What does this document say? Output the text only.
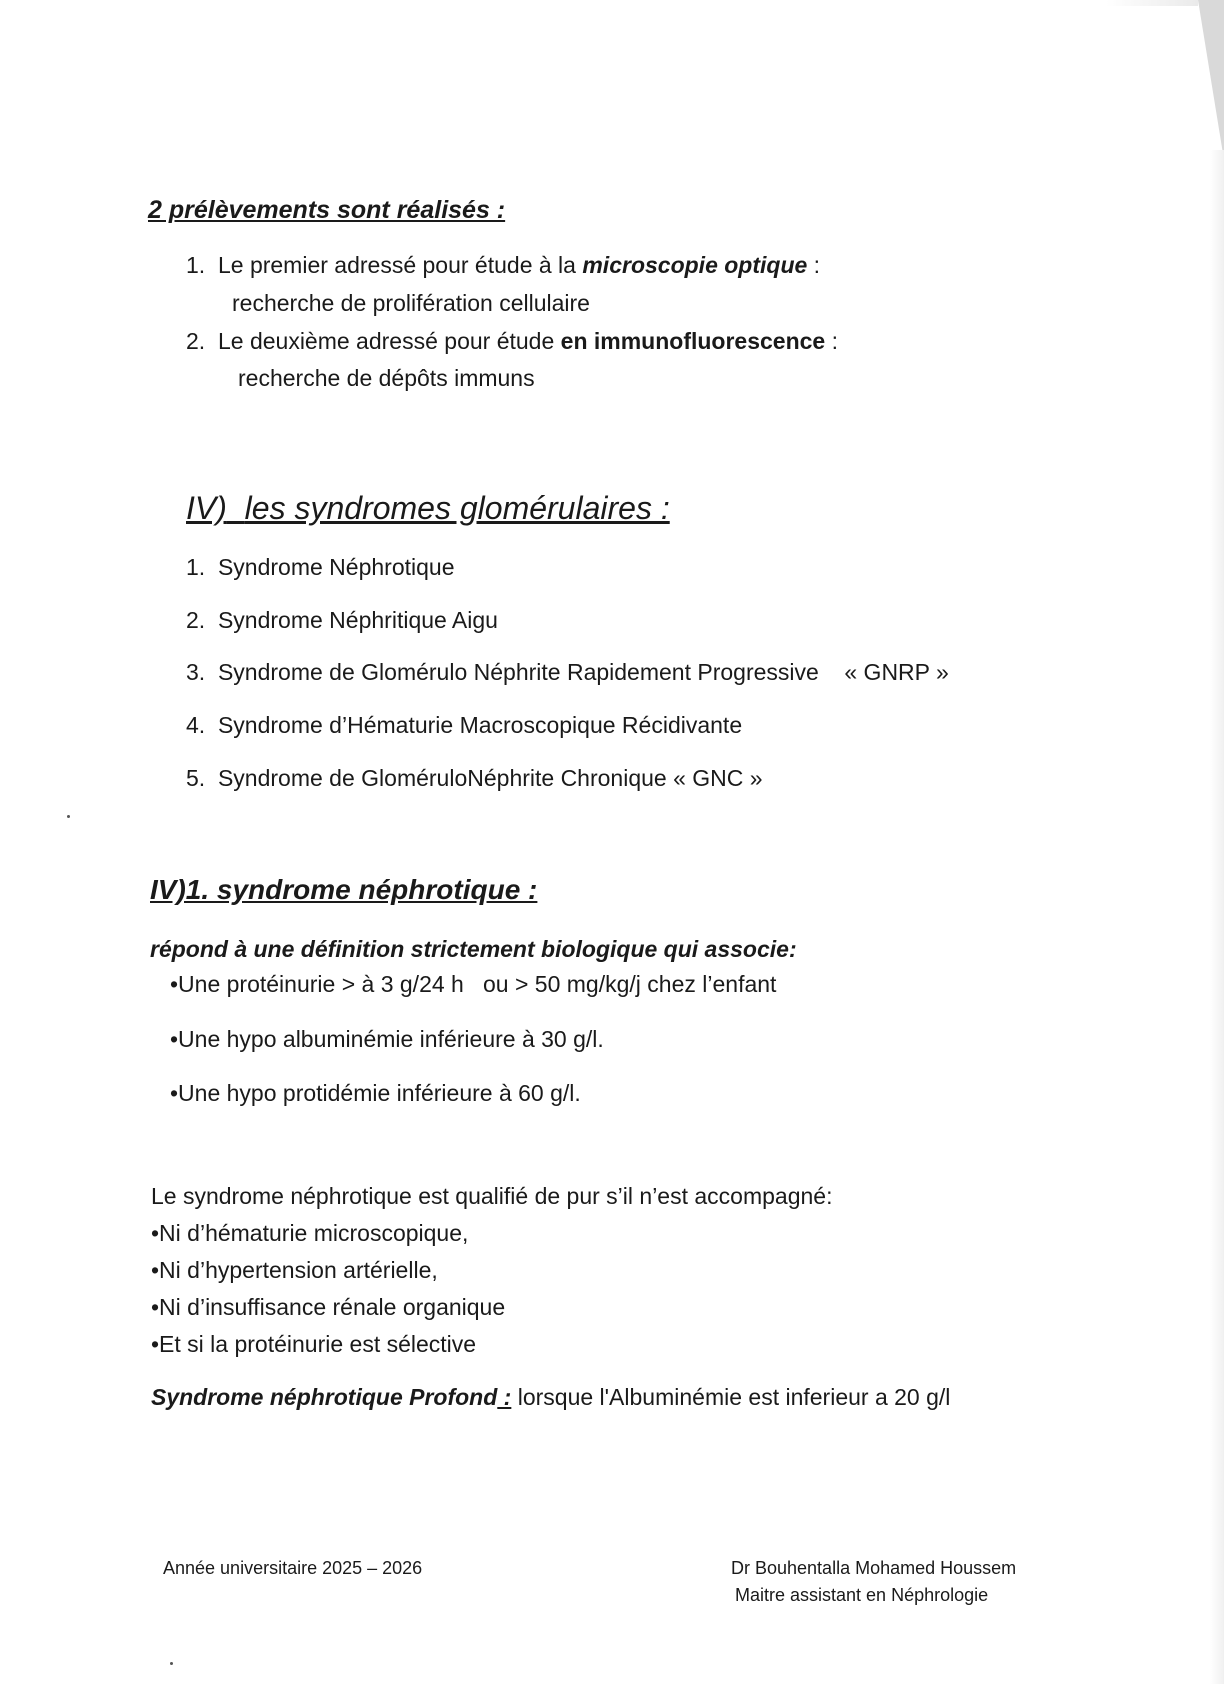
2 prélèvements sont réalisés :
1. Le premier adressé pour étude à la microscopie optique :
recherche de prolifération cellulaire
2. Le deuxième adressé pour étude en immunofluorescence :
recherche de dépôts immuns
IV) les syndromes glomérulaires :
1. Syndrome Néphrotique
2. Syndrome Néphritique Aigu
3. Syndrome de Glomérulo Néphrite Rapidement Progressive    « GNRP »
4. Syndrome d’Hématurie Macroscopique Récidivante
5. Syndrome de GloméruloNéphrite Chronique « GNC »
IV)1. syndrome néphrotique :
répond à une définition strictement biologique qui associe:
•Une protéinurie > à 3 g/24 h   ou > 50 mg/kg/j chez l’enfant
•Une hypo albuminémie inférieure à 30 g/l.
•Une hypo protidémie inférieure à 60 g/l.
Le syndrome néphrotique est qualifié de pur s’il n’est accompagné:
•Ni d’hématurie microscopique,
•Ni d’hypertension artérielle,
•Ni d’insuffisance rénale organique
•Et si la protéinurie est sélective
Syndrome néphrotique Profond : lorsque l'Albuminémie est inferieur a 20 g/l
Année universitaire 2025 – 2026	Dr Bouhentalla Mohamed Houssem
Maitre assistant en Néphrologie
